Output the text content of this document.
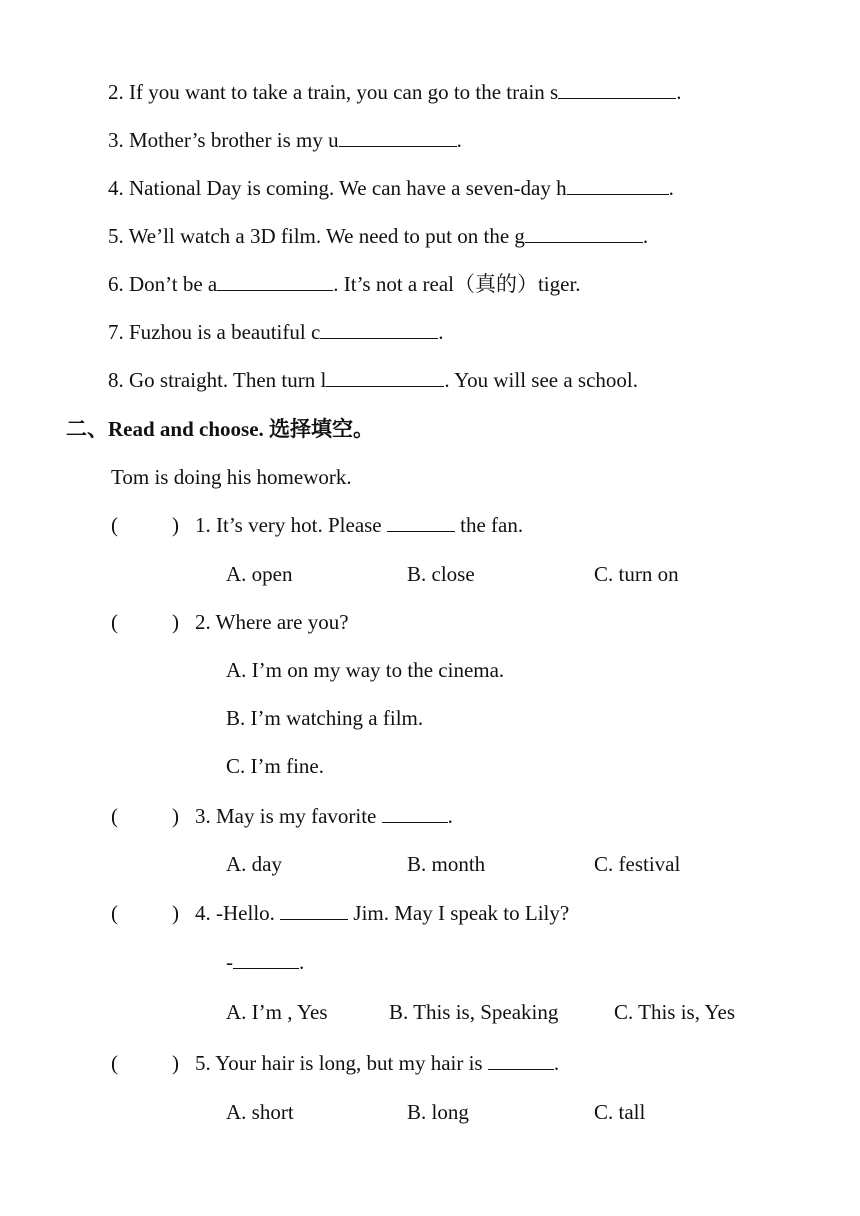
2. If you want to take a train, you can go to the train s	.
3. Mother’s brother is my u	.
4. National Day is coming. We can have a seven-day h	.
5. We’ll watch a 3D film. We need to put on the g	.
6. Don’t be a	. It’s not a real（真的）tiger.
7. Fuzhou is a beautiful c	.
8. Go straight. Then turn l	. You will see a school.
二、Read and choose. 选择填空。
Tom is doing his homework.
(	) 1. It’s very hot. Please	the fan.
A. open	B. close	C. turn on
(	) 2. Where are you?
A. I’m on my way to the cinema.
B. I’m watching a film.
C. I’m fine.
(	) 3. May is my favorite	.
A. day	B. month	C. festival
(	) 4. -Hello.	Jim. May I speak to Lily?
-	.
A. I’m , Yes	B. This is, Speaking	C. This is, Yes
(	) 5. Your hair is long, but my hair is	.
A. short	B. long	C. tall
